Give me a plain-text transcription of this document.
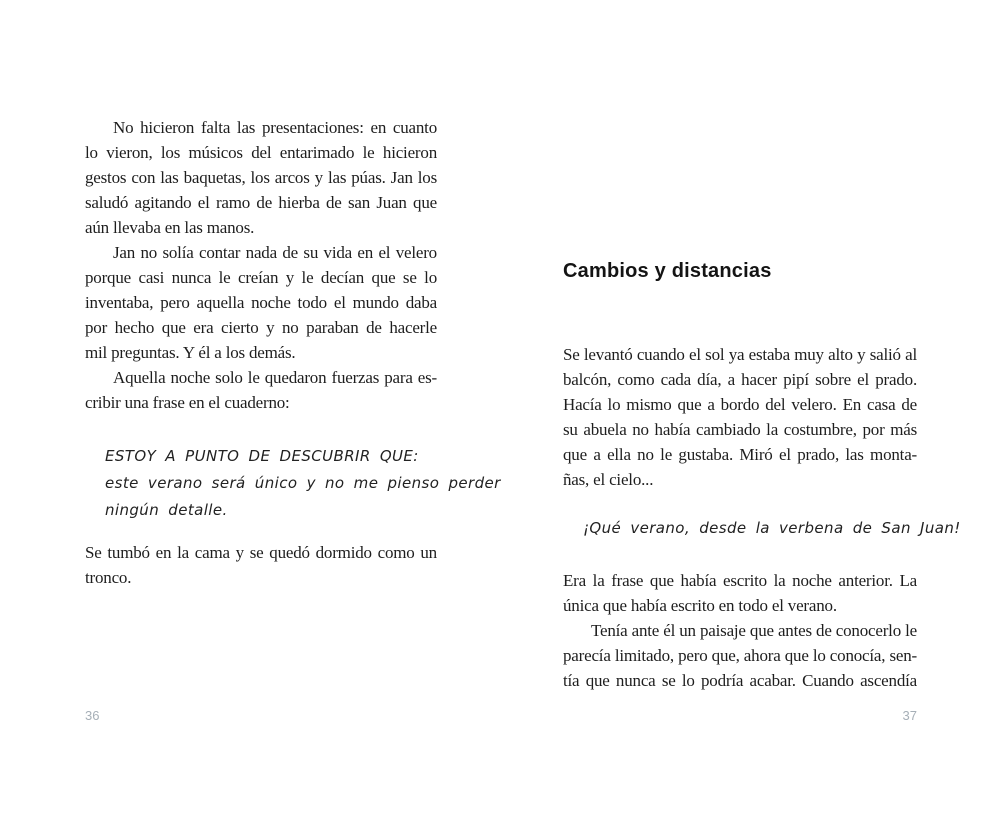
No hicieron falta las presentaciones: en cuanto
lo vieron, los músicos del entarimado le hicieron
gestos con las baquetas, los arcos y las púas. Jan los
saludó agitando el ramo de hierba de san Juan que
aún llevaba en las manos.
Jan no solía contar nada de su vida en el velero
porque casi nunca le creían y le decían que se lo
inventaba, pero aquella noche todo el mundo daba
por hecho que era cierto y no paraban de hacerle
mil preguntas. Y él a los demás.
Aquella noche solo le quedaron fuerzas para es-
cribir una frase en el cuaderno:
ESTOY A PUNTO DE DESCUBRIR QUE:
este verano será único y no me pienso perder
ningún detalle.
Se tumbó en la cama y se quedó dormido como un
tronco.
36
Cambios y distancias
Se levantó cuando el sol ya estaba muy alto y salió al
balcón, como cada día, a hacer pipí sobre el prado.
Hacía lo mismo que a bordo del velero. En casa de
su abuela no había cambiado la costumbre, por más
que a ella no le gustaba. Miró el prado, las monta-
ñas, el cielo...
¡Qué verano, desde la verbena de San Juan!
Era la frase que había escrito la noche anterior. La
única que había escrito en todo el verano.
Tenía ante él un paisaje que antes de conocerlo le
parecía limitado, pero que, ahora que lo conocía, sen-
tía que nunca se lo podría acabar. Cuando ascendía
37
